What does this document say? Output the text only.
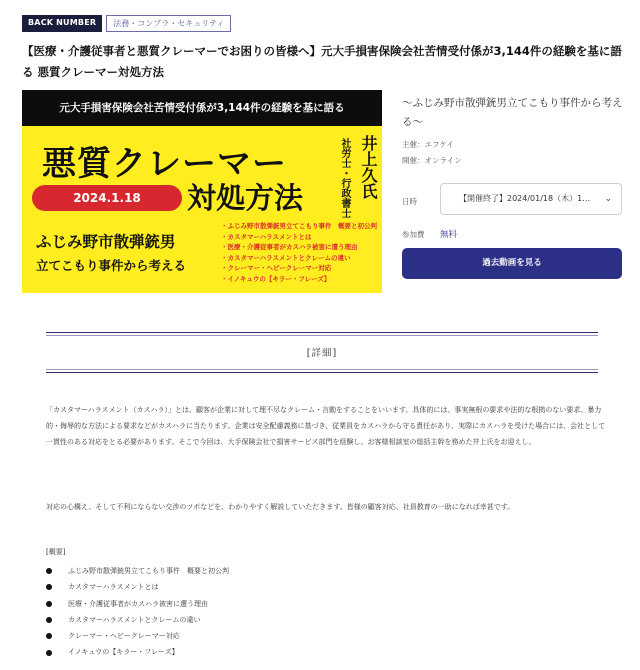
BACK NUMBER	法務・コンプラ・セキュリティ
【医療・介護従事者と悪質クレーマーでお困りの皆様へ】元大手損害保険会社苦情受付係が3,144件の経験を基に語る 悪質クレーマー対処方法
元大手損害保険会社苦情受付係が3,144件の経験を基に語る
悪質クレーマー
2024.1.18	対処方法	井上久氏
社労士・行政書士
ふじみ野市散弾銃男
立てこもり事件から考える
・ふじみ野市散弾銃男立てこもり事件　概要と初公判
・カスタマーハラスメントとは
・医療・介護従事者がカスハラ被害に遭う理由
・カスタマーハラスメントとクレームの違い
・クレーマー・ヘビークレーマー対応
・イノキュウの【キラー・フレーズ】
〜ふじみ野市散弾銃男立てこもり事件から考える〜
主催：エフケイ
開催：オンライン
日時	【開催終了】2024/01/18（木）1… ⌄
参加費 無料
過去動画を見る
[詳細]

「カスタマーハラスメント（カスハラ）」とは、顧客が企業に対して理不尽なクレーム・言動をすることをいいます。具体的には、事実無根の要求や法的な根拠のない要求、暴力的・侮辱的な方法による要求などがカスハラに当たります。企業は安全配慮義務に基づき、従業員をカスハラから守る責任があり、実際にカスハラを受けた場合には、会社として一貫性のある対応をとる必要があります。そこで今回は、大手保険会社で損害サービス部門を経験し、お客様相談室の総括主幹を務めた井上氏をお迎えし、

対応の心構え、そして不利にならない交渉のツボなどを、わかりやすく解説していただきます。皆様の顧客対応、社員教育の一助になれば幸甚です。

[概要]
ふじみ野市散弾銃男立てこもり事件　概要と初公判
カスタマーハラスメントとは
医療・介護従事者がカスハラ被害に遭う理由
カスタマーハラスメントとクレームの違い
クレーマー・ヘビークレーマー対応
イノキュウの【キラー・フレーズ】
